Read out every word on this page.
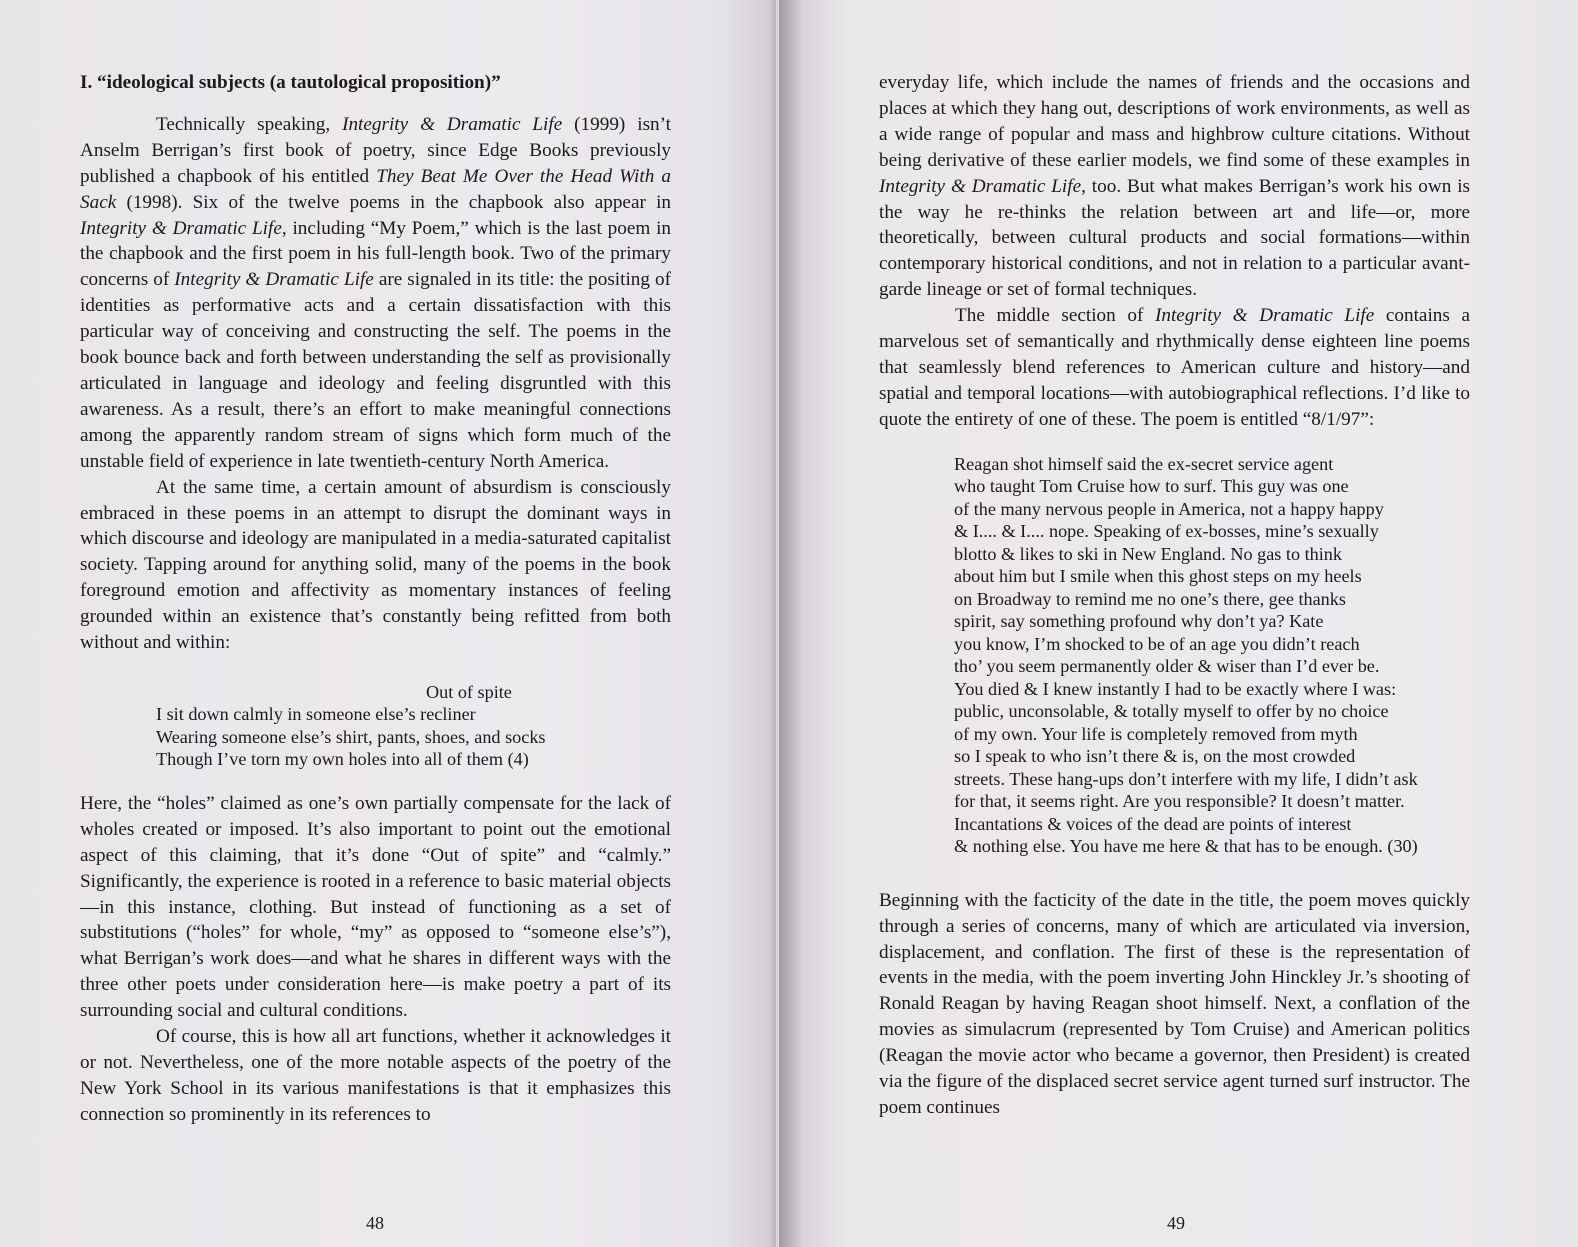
I. “ideological subjects (a tautological proposition)”

Technically speaking, Integrity & Dramatic Life (1999) isn’t Anselm Berrigan’s first book of poetry, since Edge Books previously published a chapbook of his entitled They Beat Me Over the Head With a Sack (1998). Six of the twelve poems in the chapbook also appear in Integrity & Dramatic Life, including “My Poem,” which is the last poem in the chapbook and the first poem in his full-length book. Two of the primary concerns of Integrity & Dramatic Life are signaled in its title: the positing of identities as performative acts and a certain dissatisfaction with this particular way of conceiving and constructing the self. The poems in the book bounce back and forth between understanding the self as provisionally articulated in language and ideology and feeling disgruntled with this awareness. As a result, there’s an effort to make meaningful connections among the apparently random stream of signs which form much of the unstable field of experience in late twentieth-century North America.

At the same time, a certain amount of absurdism is consciously embraced in these poems in an attempt to disrupt the dominant ways in which discourse and ideology are manipulated in a media-saturated capitalist society. Tapping around for anything solid, many of the poems in the book foreground emotion and affectivity as momentary instances of feeling grounded within an existence that’s constantly being refitted from both without and within:

Out of spite
I sit down calmly in someone else’s recliner
Wearing someone else’s shirt, pants, shoes, and socks
Though I’ve torn my own holes into all of them (4)

Here, the “holes” claimed as one’s own partially compensate for the lack of wholes created or imposed. It’s also important to point out the emotional aspect of this claiming, that it’s done “Out of spite” and “calmly.” Significantly, the experience is rooted in a reference to basic material objects—in this instance, clothing. But instead of functioning as a set of substitutions (“holes” for whole, “my” as opposed to “someone else’s”), what Berrigan’s work does—and what he shares in different ways with the three other poets under consideration here—is make poetry a part of its surrounding social and cultural conditions.

Of course, this is how all art functions, whether it acknowledges it or not. Nevertheless, one of the more notable aspects of the poetry of the New York School in its various manifestations is that it emphasizes this connection so prominently in its references to

48

everyday life, which include the names of friends and the occasions and places at which they hang out, descriptions of work environments, as well as a wide range of popular and mass and highbrow culture citations. Without being derivative of these earlier models, we find some of these examples in Integrity & Dramatic Life, too. But what makes Berrigan’s work his own is the way he re-thinks the relation between art and life—or, more theoretically, between cultural products and social formations—within contemporary historical conditions, and not in relation to a particular avant-garde lineage or set of formal techniques.

The middle section of Integrity & Dramatic Life contains a marvelous set of semantically and rhythmically dense eighteen line poems that seamlessly blend references to American culture and history—and spatial and temporal locations—with autobiographical reflections. I’d like to quote the entirety of one of these. The poem is entitled “8/1/97”:

Reagan shot himself said the ex-secret service agent
who taught Tom Cruise how to surf. This guy was one
of the many nervous people in America, not a happy happy
& I.... & I.... nope. Speaking of ex-bosses, mine’s sexually
blotto & likes to ski in New England. No gas to think
about him but I smile when this ghost steps on my heels
on Broadway to remind me no one’s there, gee thanks
spirit, say something profound why don’t ya? Kate
you know, I’m shocked to be of an age you didn’t reach
tho’ you seem permanently older & wiser than I’d ever be.
You died & I knew instantly I had to be exactly where I was:
public, unconsolable, & totally myself to offer by no choice
of my own. Your life is completely removed from myth
so I speak to who isn’t there & is, on the most crowded
streets. These hang-ups don’t interfere with my life, I didn’t ask
for that, it seems right. Are you responsible? It doesn’t matter.
Incantations & voices of the dead are points of interest
& nothing else. You have me here & that has to be enough. (30)

Beginning with the facticity of the date in the title, the poem moves quickly through a series of concerns, many of which are articulated via inversion, displacement, and conflation. The first of these is the representation of events in the media, with the poem inverting John Hinckley Jr.’s shooting of Ronald Reagan by having Reagan shoot himself. Next, a conflation of the movies as simulacrum (represented by Tom Cruise) and American politics (Reagan the movie actor who became a governor, then President) is created via the figure of the displaced secret service agent turned surf instructor. The poem continues

49
